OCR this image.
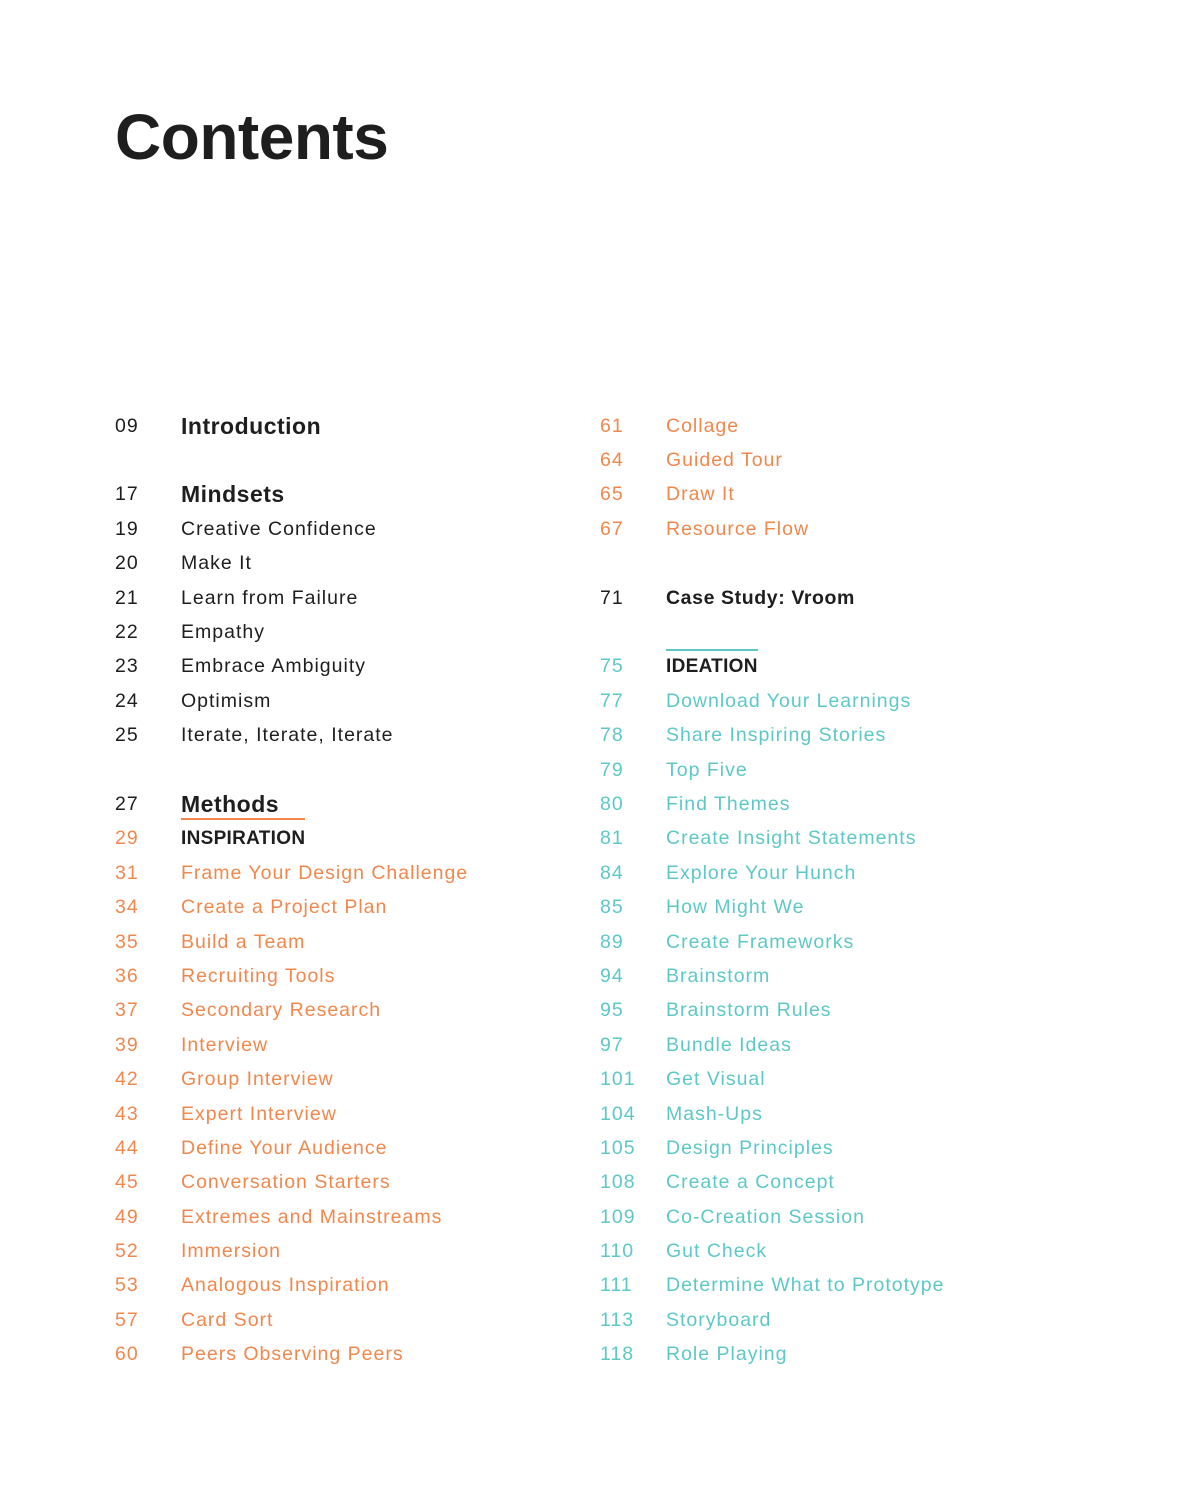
Contents
09	Introduction
17	Mindsets
19	Creative Confidence
20	Make It
21	Learn from Failure
22	Empathy
23	Embrace Ambiguity
24	Optimism
25	Iterate, Iterate, Iterate
27	Methods
29	INSPIRATION
31	Frame Your Design Challenge
34	Create a Project Plan
35	Build a Team
36	Recruiting Tools
37	Secondary Research
39	Interview
42	Group Interview
43	Expert Interview
44	Define Your Audience
45	Conversation Starters
49	Extremes and Mainstreams
52	Immersion
53	Analogous Inspiration
57	Card Sort
60	Peers Observing Peers
61	Collage
64	Guided Tour
65	Draw It
67	Resource Flow
71	Case Study: Vroom
75	IDEATION
77	Download Your Learnings
78	Share Inspiring Stories
79	Top Five
80	Find Themes
81	Create Insight Statements
84	Explore Your Hunch
85	How Might We
89	Create Frameworks
94	Brainstorm
95	Brainstorm Rules
97	Bundle Ideas
101	Get Visual
104	Mash-Ups
105	Design Principles
108	Create a Concept
109	Co-Creation Session
110	Gut Check
111	Determine What to Prototype
113	Storyboard
118	Role Playing
